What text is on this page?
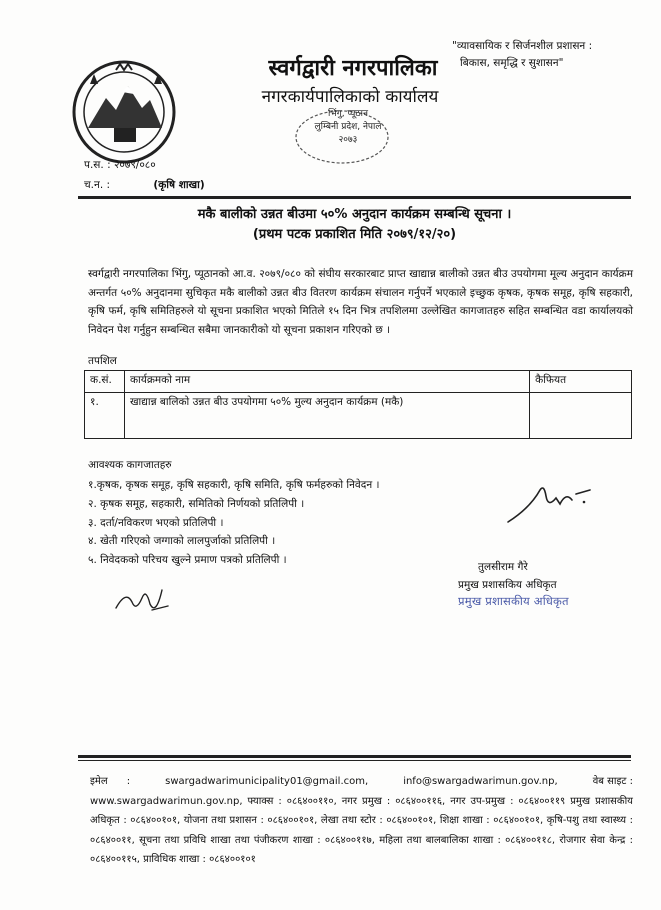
स्वर्गद्वारी नगरपालिका
नगरकार्यपालिकाको कार्यालय
भिंगु, प्यूठान
लुम्बिनी प्रदेश, नेपाल
२०७३
"व्यावसायिक र सिर्जनशील प्रशासन :
बिकास, समृद्धि र सुशासन"
प.स. : २०७९/०८०
च.न. :	(कृषि शाखा)
मकै बालीको उन्नत बीउमा ५०% अनुदान कार्यक्रम सम्बन्धि सूचना ।
(प्रथम पटक प्रकाशित मिति २०७९/१२/२०)
स्वर्गद्वारी नगरपालिका भिंगु, प्यूठानको आ.व. २०७९/०८० को संघीय सरकारबाट प्राप्त खाद्यान्न बालीको उन्नत बीउ उपयोगमा मूल्य अनुदान कार्यक्रम अन्तर्गत ५०% अनुदानमा सुचिकृत मकै बालीको उन्नत बीउ वितरण कार्यक्रम संचालन गर्नुपर्ने भएकाले इच्छुक कृषक, कृषक समूह, कृषि सहकारी, कृषि फर्म, कृषि समितिहरुले यो सूचना प्रकाशित भएको मितिले १५ दिन भित्र तपशिलमा उल्लेखित कागजातहरु सहित सम्बन्धित वडा कार्यालयको निवेदन पेश गर्नुहुन सम्बन्धित सबैमा जानकारीको यो सूचना प्रकाशन गरिएको छ ।
तपशिल
क.सं.	कार्यक्रमको नाम	कैफियत
१.	खाद्यान्न बालिको उन्नत बीउ उपयोगमा ५०% मुल्य अनुदान कार्यक्रम (मकै)	
आवश्यक कागजातहरु
१.कृषक, कृषक समूह, कृषि सहकारी, कृषि समिति, कृषि फर्महरुको निवेदन ।
२. कृषक समूह, सहकारी, समितिको निर्णयको प्रतिलिपी ।
३. दर्ता/नविकरण भएको प्रतिलिपी ।
४. खेती गरिएको जग्गाको लालपुर्जाको प्रतिलिपी ।
५. निवेदकको परिचय खुल्ने प्रमाण पत्रको प्रतिलिपी ।
तुलसीराम गैरे
प्रमुख प्रशासकिय अधिकृत
प्रमुख प्रशासकीय अधिकृत
इमेल      :	swargadwarimunicipality01@gmail.com,	info@swargadwarimun.gov.np,	वेब साइट :
www.swargadwarimun.gov.np, फ्याक्स : ०८६४००११०, नगर प्रमुख : ०८६४००११६, नगर उप-प्रमुख : ०८६४००११९ प्रमुख प्रशासकीय अधिकृत : ०८६४००१०१, योजना तथा प्रशासन : ०८६४००१०१, लेखा तथा स्टोर : ०८६४००१०१, शिक्षा शाखा : ०८६४००१०१, कृषि-पशु तथा स्वास्थ्य : ०८६४००११, सूचना तथा प्रविधि शाखा तथा पंजीकरण शाखा : ०८६४००११७, महिला तथा बालबालिका शाखा : ०८६४००११८, रोजगार सेवा केन्द्र : ०८६४००११५, प्राविधिक शाखा : ०८६४००१०१
